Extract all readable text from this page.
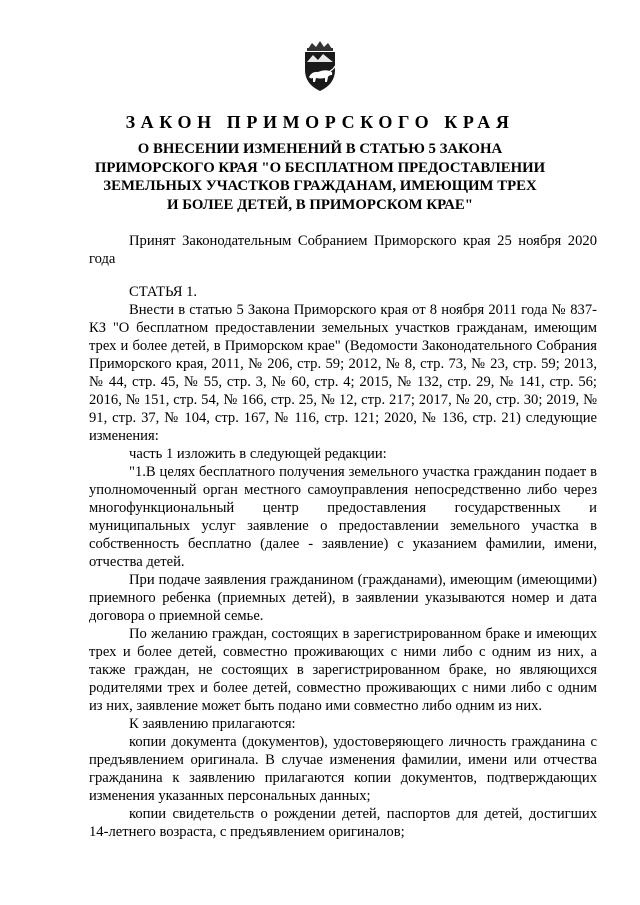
ЗАКОН ПРИМОРСКОГО КРАЯ
О ВНЕСЕНИИ ИЗМЕНЕНИЙ В СТАТЬЮ 5 ЗАКОНА
ПРИМОРСКОГО КРАЯ "О БЕСПЛАТНОМ ПРЕДОСТАВЛЕНИИ
ЗЕМЕЛЬНЫХ УЧАСТКОВ ГРАЖДАНАМ, ИМЕЮЩИМ ТРЕХ
И БОЛЕЕ ДЕТЕЙ, В ПРИМОРСКОМ КРАЕ"

Принят Законодательным Собранием Приморского края 25 ноября 2020 года

СТАТЬЯ 1.

Внести в статью 5 Закона Приморского края от 8 ноября 2011 года № 837-КЗ "О бесплатном предоставлении земельных участков гражданам, имеющим трех и более детей, в Приморском крае" (Ведомости Законодательного Собрания Приморского края, 2011, № 206, стр. 59; 2012, № 8, стр. 73, № 23, стр. 59; 2013, № 44, стр. 45, № 55, стр. 3, № 60, стр. 4; 2015, № 132, стр. 29, № 141, стр. 56; 2016, № 151, стр. 54, № 166, стр. 25, № 12, стр. 217; 2017, № 20, стр. 30; 2019, № 91, стр. 37, № 104, стр. 167, № 116, стр. 121; 2020, № 136, стр. 21) следующие изменения:

часть 1 изложить в следующей редакции:

"1.В целях бесплатного получения земельного участка гражданин подает в уполномоченный орган местного самоуправления непосредственно либо через многофункциональный центр предоставления государственных и муниципальных услуг заявление о предоставлении земельного участка в собственность бесплатно (далее - заявление) с указанием фамилии, имени, отчества детей.

При подаче заявления гражданином (гражданами), имеющим (имеющими) приемного ребенка (приемных детей), в заявлении указываются номер и дата договора о приемной семье.

По желанию граждан, состоящих в зарегистрированном браке и имеющих трех и более детей, совместно проживающих с ними либо с одним из них, а также граждан, не состоящих в зарегистрированном браке, но являющихся родителями трех и более детей, совместно проживающих с ними либо с одним из них, заявление может быть подано ими совместно либо одним из них.

К заявлению прилагаются:

копии документа (документов), удостоверяющего личность гражданина с предъявлением оригинала. В случае изменения фамилии, имени или отчества гражданина к заявлению прилагаются копии документов, подтверждающих изменения указанных персональных данных;

копии свидетельств о рождении детей, паспортов для детей, достигших 14-летнего возраста, с предъявлением оригиналов;
